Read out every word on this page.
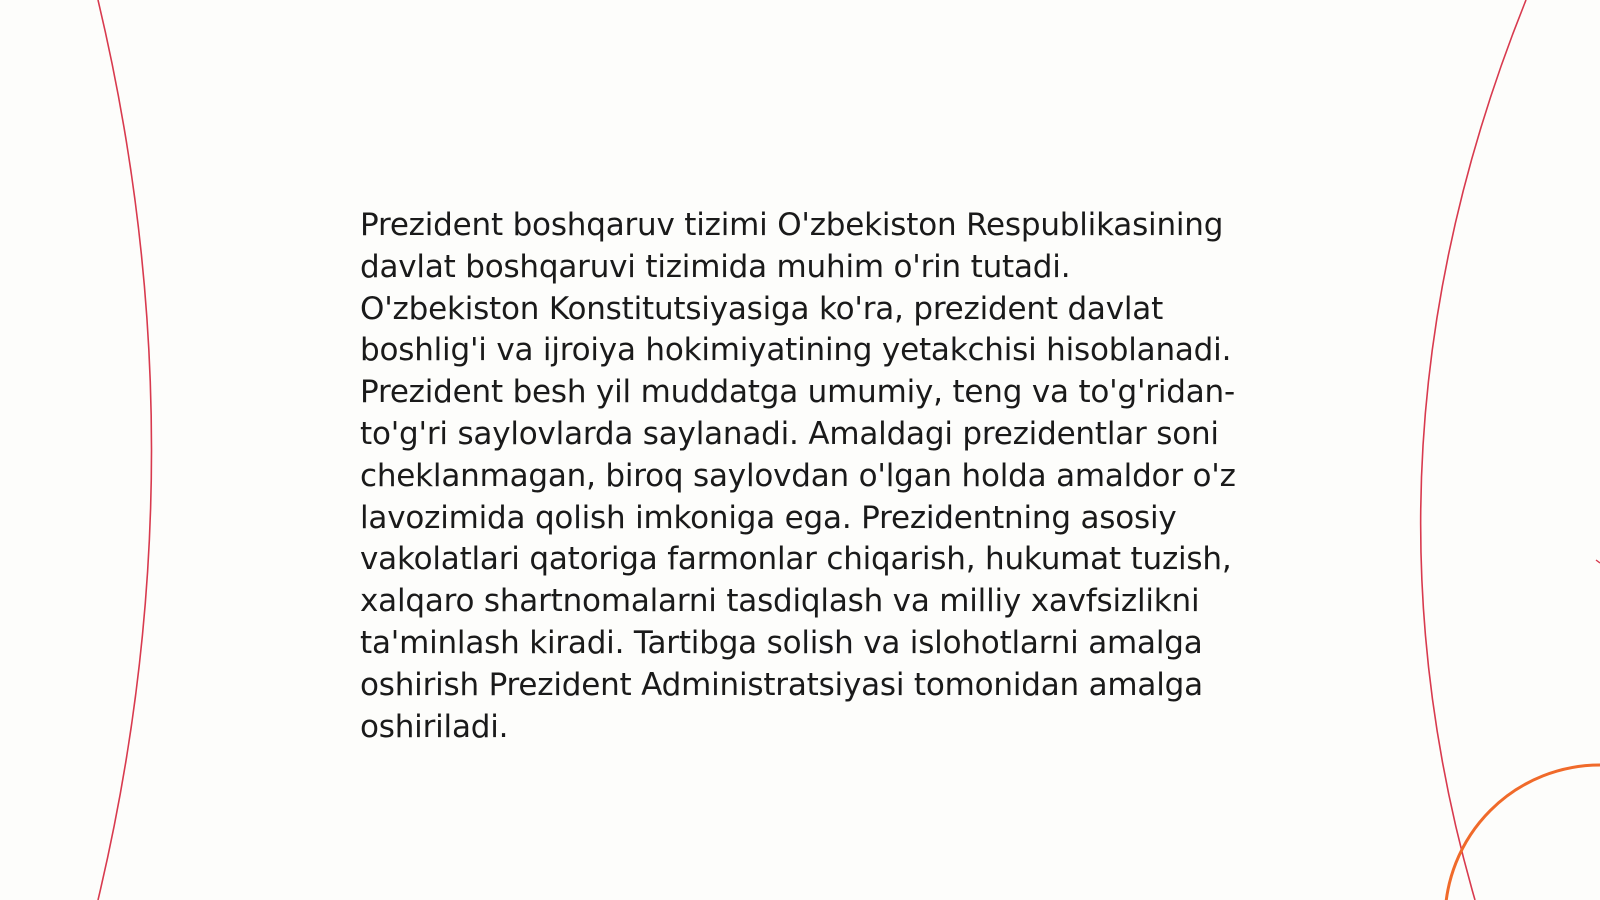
Prezident boshqaruv tizimi O'zbekiston Respublikasining davlat boshqaruvi tizimida muhim o'rin tutadi. O'zbekiston Konstitutsiyasiga ko'ra, prezident davlat boshlig'i va ijroiya hokimiyatining yetakchisi hisoblanadi. Prezident besh yil muddatga umumiy, teng va to'g'ridan-to'g'ri saylovlarda saylanadi. Amaldagi prezidentlar soni cheklanmagan, biroq saylovdan o'lgan holda amaldor o'z lavozimida qolish imkoniga ega. Prezidentning asosiy vakolatlari qatoriga farmonlar chiqarish, hukumat tuzish, xalqaro shartnomalarni tasdiqlash va milliy xavfsizlikni ta'minlash kiradi. Tartibga solish va islohotlarni amalga oshirish Prezident Administratsiyasi tomonidan amalga oshiriladi.
